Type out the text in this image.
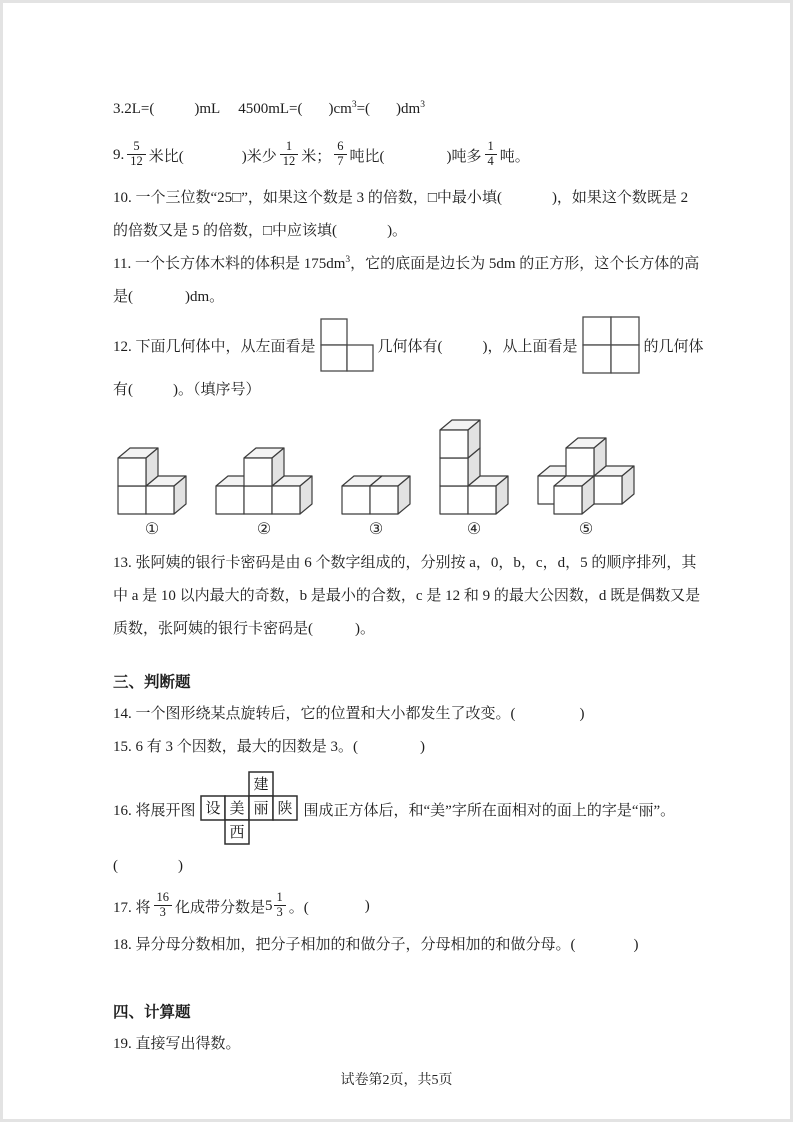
3.2L=(	)mL 4500mL=( )$cm^3=$( )$dm^3$

9. $\frac{5}{12}$ 米比(	)米少 $\frac{1}{12}$ 米； $\frac{6}{7}$ 吨比(	)吨多 $\frac{1}{4}$ 吨。

10. 一个三位数“25□”，如果这个数是 3 的倍数，□中最小填(	)，如果这个数既是 2

的倍数又是 5 的倍数，□中应该填(	)。

11. 一个长方体木料的体积是 $175dm^3$，它的底面是边长为 5dm 的正方形，这个长方体的高

是(	)dm。

12. 下面几何体中，从左面看是	几何体有(	)，从上面看是	的几何体

有(	)。（填序号）

①	②	③	④	⑤

13. 张阿姨的银行卡密码是由 6 个数字组成的，分别按 a，0，b，c，d，5 的顺序排列，其

中 a 是 10 以内最大的奇数，b 是最小的合数，c 是 12 和 9 的最大公因数，d 既是偶数又是

质数，张阿姨的银行卡密码是(	)。

三、判断题

14. 一个图形绕某点旋转后，它的位置和大小都发生了改变。(	)

15. 6 有 3 个因数，最大的因数是 3。(	)

16. 将展开图
建
设 美 丽 陕
西
围成正方体后，和“美”字所在面相对的面上的字是“丽”。

(	)

17. 将 $\frac{16}{3}$ 化成带分数是 $5 \frac{1}{3}$ 。(	)

18. 异分母分数相加，把分子相加的和做分子，分母相加的和做分母。(	)

四、计算题

19. 直接写出得数。

试卷第2页，共5页
